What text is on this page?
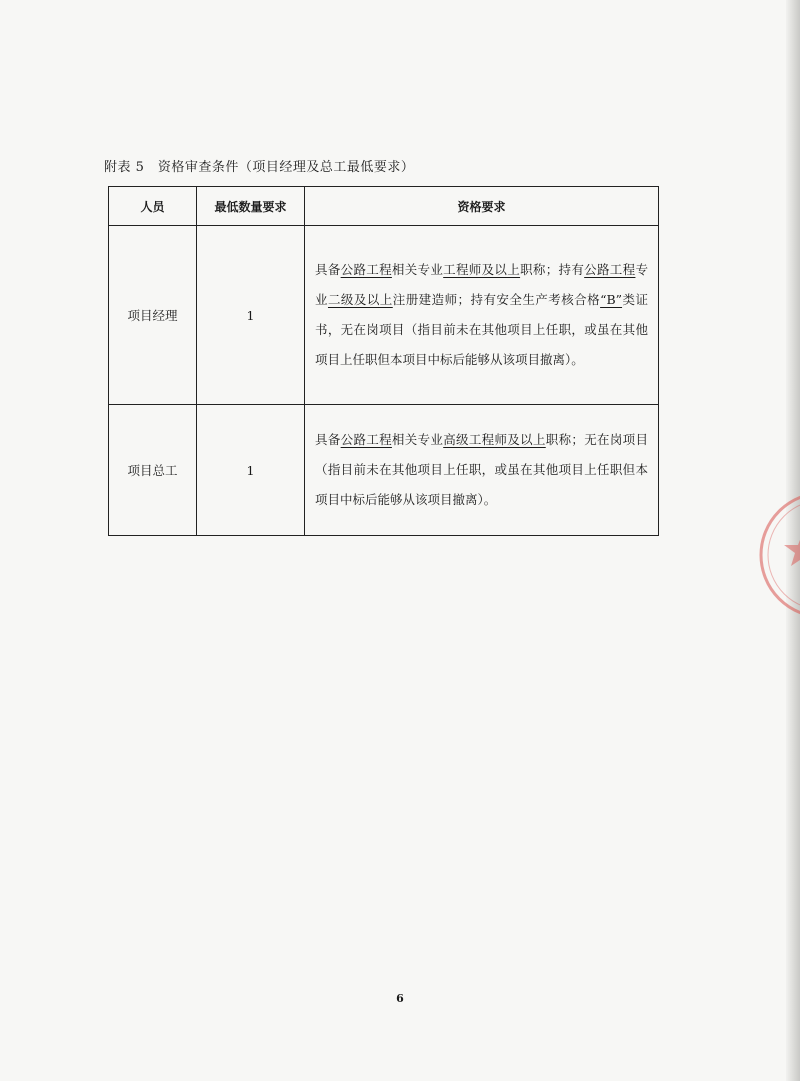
附表 5　资格审查条件（项目经理及总工最低要求）
人员	最低数量要求	资格要求
项目经理	1	具备公路工程相关专业工程师及以上职称；持有公路工程专业二级及以上注册建造师；持有安全生产考核合格“B”类证书，无在岗项目（指目前未在其他项目上任职，或虽在其他项目上任职但本项目中标后能够从该项目撤离）。
项目总工	1	具备公路工程相关专业高级工程师及以上职称；无在岗项目（指目前未在其他项目上任职，或虽在其他项目上任职但本项目中标后能够从该项目撤离）。
6
